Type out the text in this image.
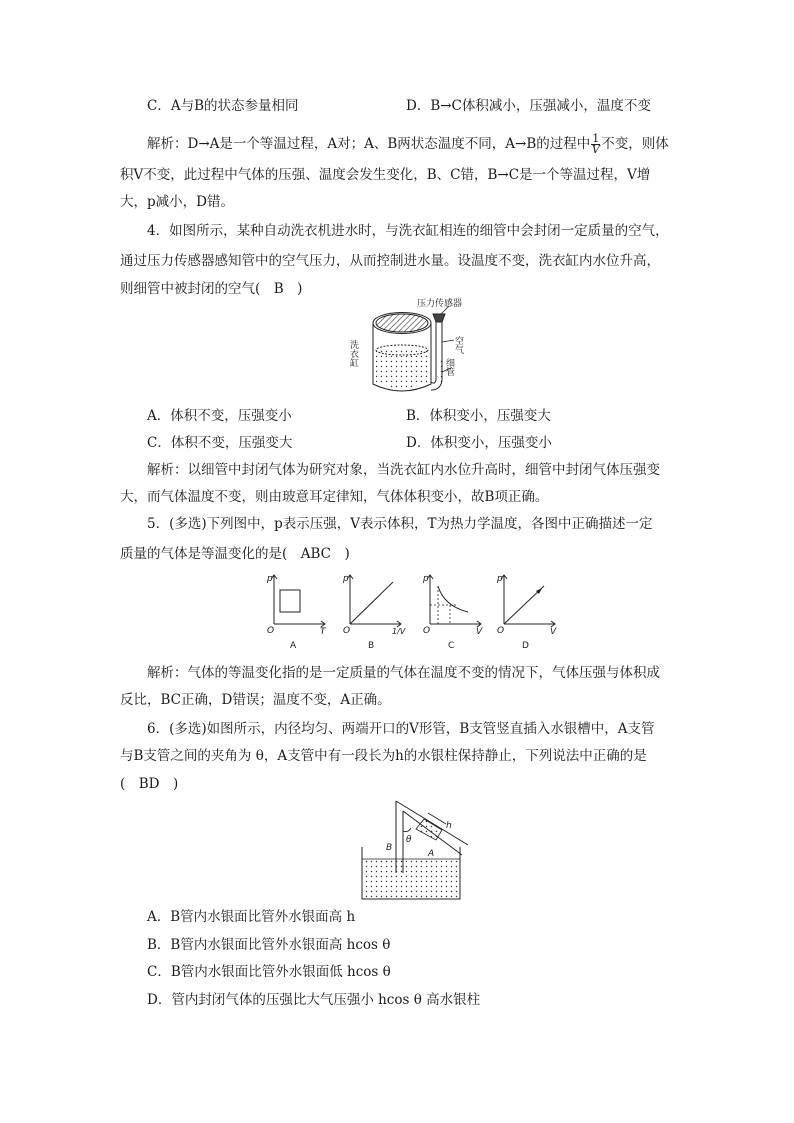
C．A与B的状态参量相同	D．B→C体积减小，压强减小，温度不变
解析：D→A是一个等温过程，A对；A、B两状态温度不同，A→B的过程中 $\frac{1}{V}$ 不变，则体
积V不变，此过程中气体的压强、温度会发生变化，B、C错，B→C是一个等温过程，V增
大，p减小，D错。
4．如图所示，某种自动洗衣机进水时，与洗衣缸相连的细管中会封闭一定质量的空气，
通过压力传感器感知管中的空气压力，从而控制进水量。设温度不变，洗衣缸内水位升高，
则细管中被封闭的空气(　B　)
压力传感器
洗衣缸	空气
细管
A．体积不变，压强变小	B．体积变小，压强变大
C．体积不变，压强变大	D．体积变小，压强变小
解析：以细管中封闭气体为研究对象，当洗衣缸内水位升高时，细管中封闭气体压强变
大，而气体温度不变，则由玻意耳定律知，气体体积变小，故B项正确。
5．(多选)下列图中，p表示压强，V表示体积，T为热力学温度，各图中正确描述一定
质量的气体是等温变化的是(　ABC　)
p
O	T
A
p
O	1/V
B
p
O	V
C
p
O	V
D
解析：气体的等温变化指的是一定质量的气体在温度不变的情况下，气体压强与体积成
反比，BC正确，D错误；温度不变，A正确。
6．(多选)如图所示，内径均匀、两端开口的V形管，B支管竖直插入水银槽中，A支管
与B支管之间的夹角为 θ，A支管中有一段长为h的水银柱保持静止，下列说法中正确的是
(　BD　)
h
θ
B
A
A．B管内水银面比管外水银面高 h
B．B管内水银面比管外水银面高 hcos θ
C．B管内水银面比管外水银面低 hcos θ
D．管内封闭气体的压强比大气压强小 hcos θ 高水银柱
